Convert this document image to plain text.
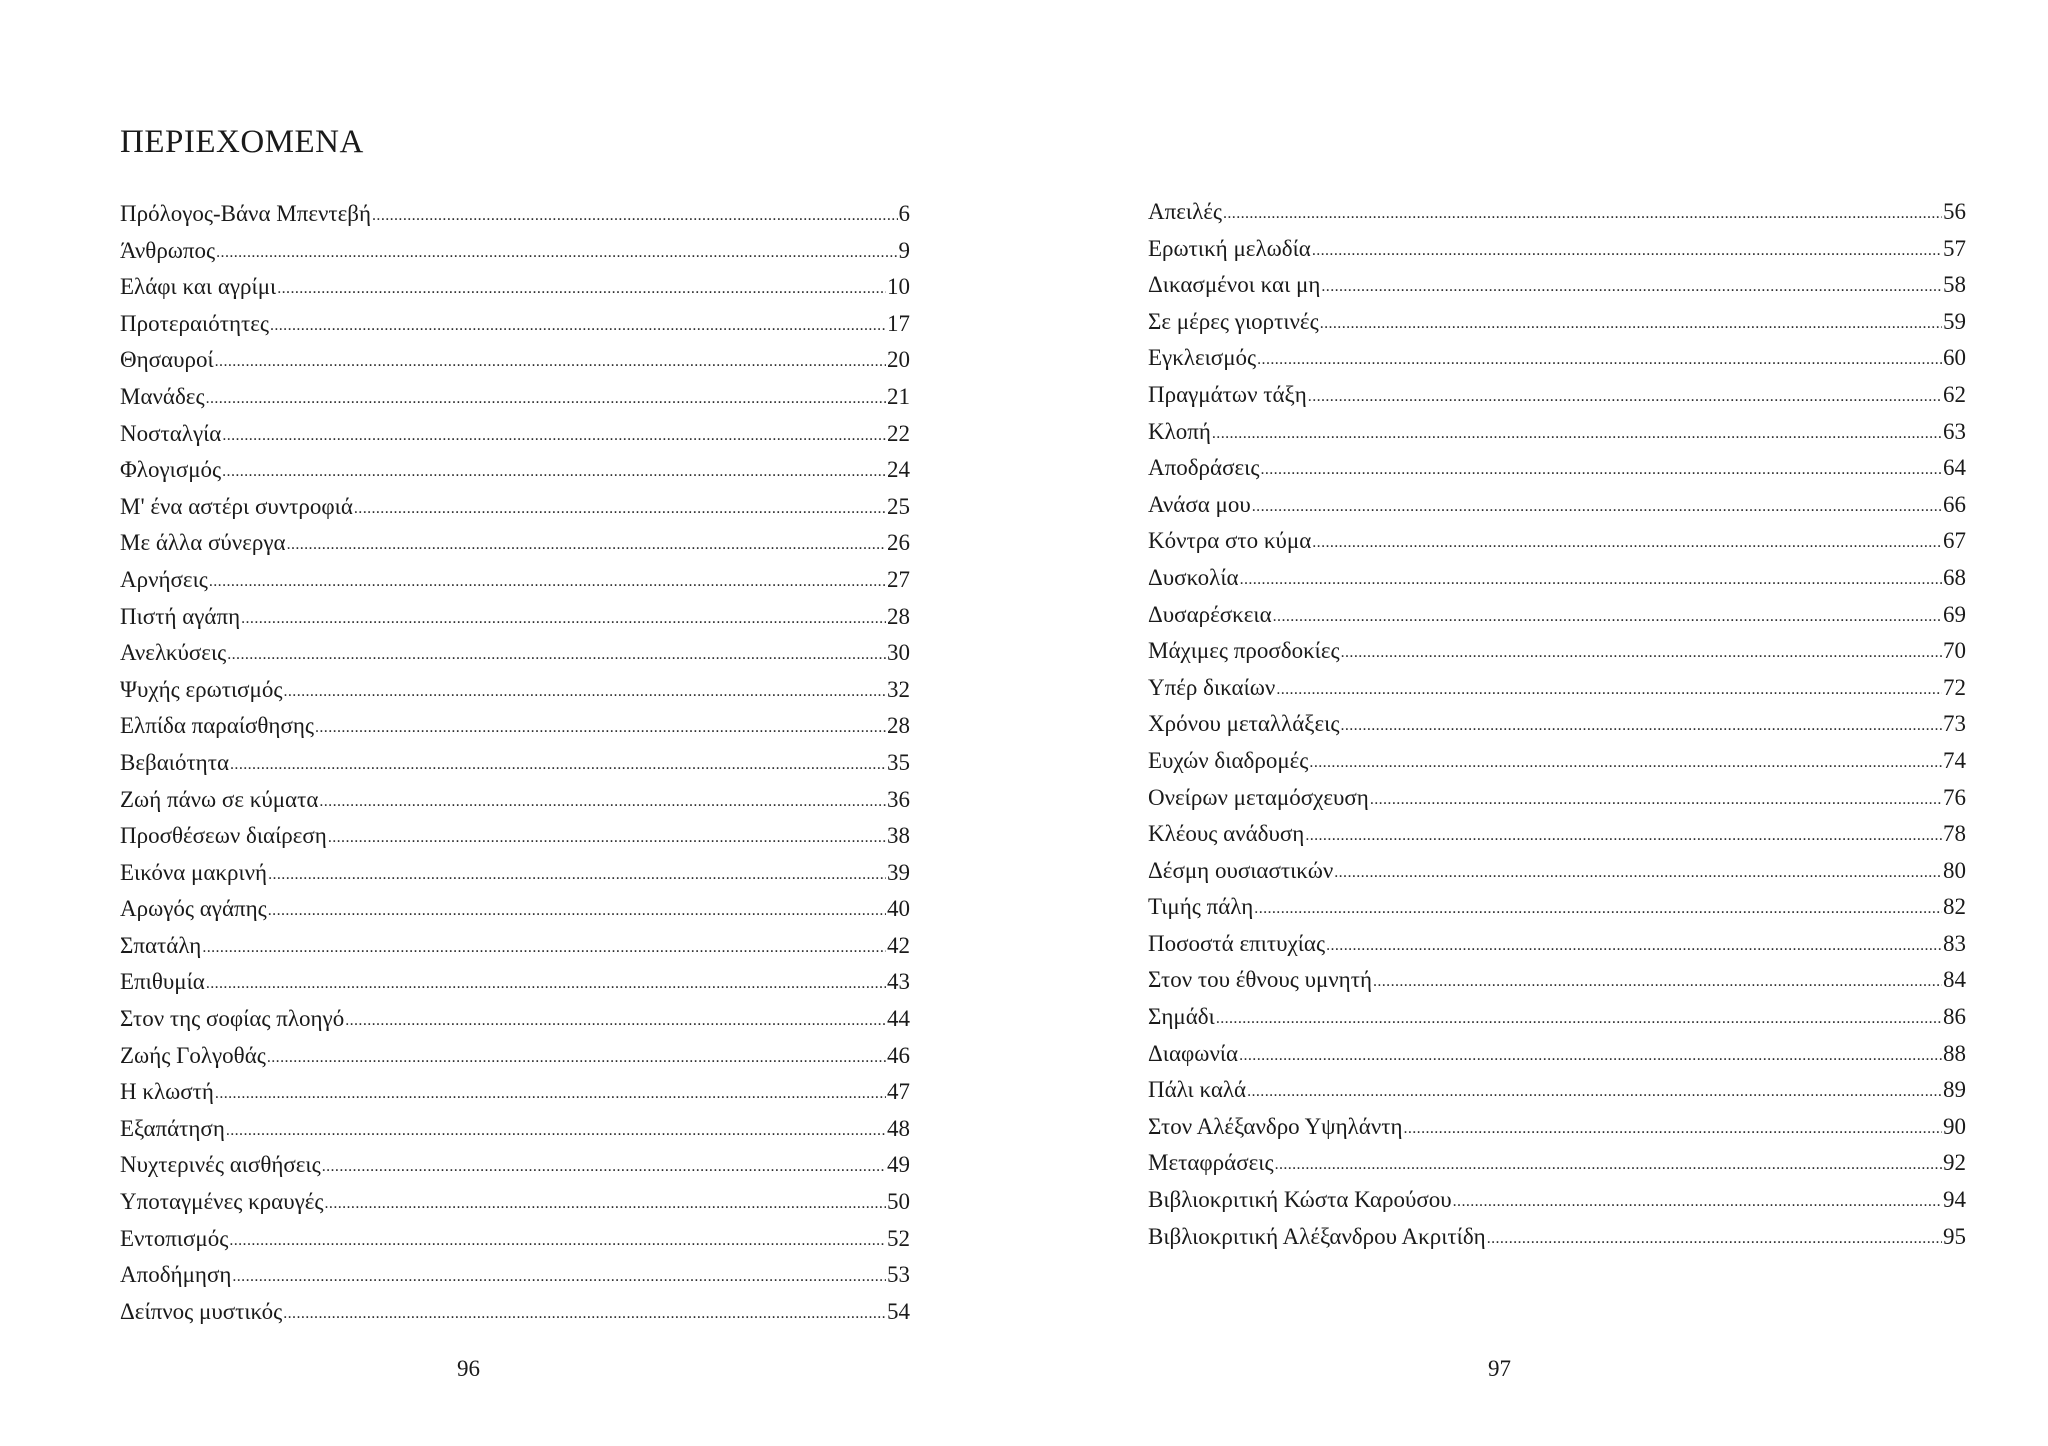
ΠΕΡΙΕΧΟΜΕΝΑ
Πρόλογος-Βάνα Μπεντεβή .....	6
Άνθρωπος .....	9
Ελάφι και αγρίμι .....	10
Προτεραιότητες .....	17
Θησαυροί .....	20
Μανάδες .....	21
Νοσταλγία .....	22
Φλογισμός .....	24
Μ' ένα αστέρι συντροφιά .....	25
Με άλλα σύνεργα .....	26
Αρνήσεις .....	27
Πιστή αγάπη .....	28
Ανελκύσεις .....	30
Ψυχής ερωτισμός .....	32
Ελπίδα παραίσθησης .....	28
Βεβαιότητα .....	35
Ζωή πάνω σε κύματα .....	36
Προσθέσεων διαίρεση .....	38
Εικόνα μακρινή .....	39
Αρωγός αγάπης .....	40
Σπατάλη .....	42
Επιθυμία .....	43
Στον της σοφίας πλοηγό .....	44
Ζωής Γολγοθάς .....	46
Η κλωστή .....	47
Εξαπάτηση .....	48
Νυχτερινές αισθήσεις .....	49
Υποταγμένες κραυγές .....	50
Εντοπισμός .....	52
Αποδήμηση .....	53
Δείπνος μυστικός .....	54
96
Απειλές .....	56
Ερωτική μελωδία .....	57
Δικασμένοι και μη .....	58
Σε μέρες γιορτινές .....	59
Εγκλεισμός .....	60
Πραγμάτων τάξη .....	62
Κλοπή .....	63
Αποδράσεις .....	64
Ανάσα μου .....	66
Κόντρα στο κύμα .....	67
Δυσκολία .....	68
Δυσαρέσκεια .....	69
Μάχιμες προσδοκίες .....	70
Υπέρ δικαίων .....	72
Χρόνου μεταλλάξεις .....	73
Ευχών διαδρομές .....	74
Ονείρων μεταμόσχευση .....	76
Κλέους ανάδυση .....	78
Δέσμη ουσιαστικών .....	80
Τιμής πάλη .....	82
Ποσοστά επιτυχίας .....	83
Στον του έθνους υμνητή .....	84
Σημάδι .....	86
Διαφωνία .....	88
Πάλι καλά .....	89
Στον Αλέξανδρο Υψηλάντη .....	90
Μεταφράσεις .....	92
Βιβλιοκριτική Κώστα Καρούσου .....	94
Βιβλιοκριτική Αλέξανδρου Ακριτίδη .....	95
97
